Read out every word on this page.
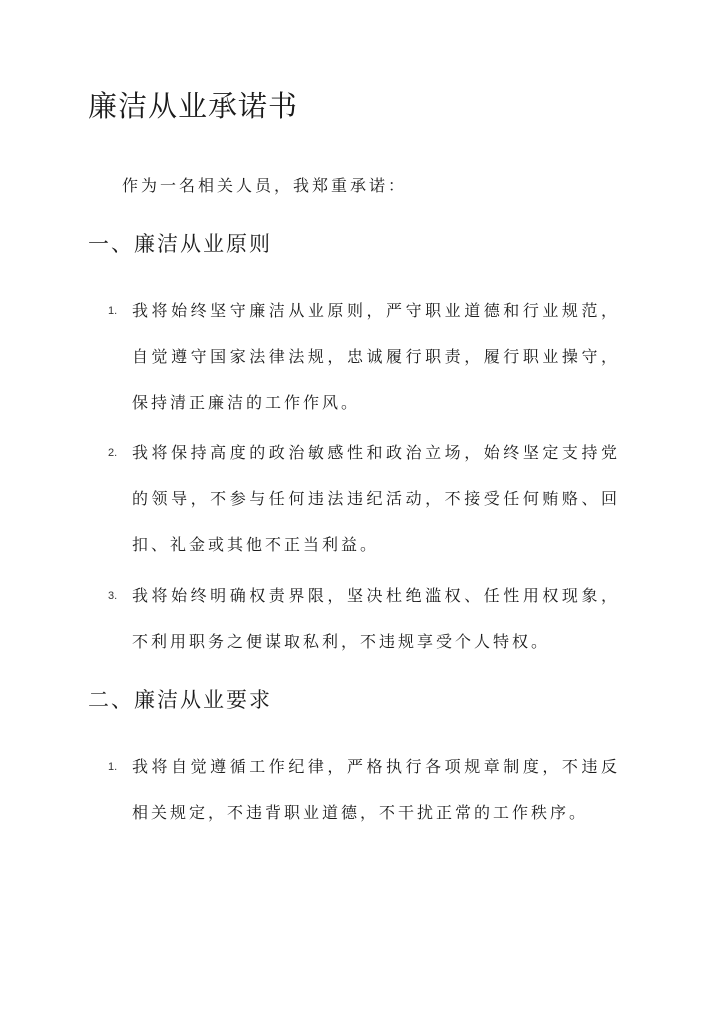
廉洁从业承诺书

作为一名相关人员，我郑重承诺：

一、廉洁从业原则
1. 我将始终坚守廉洁从业原则，严守职业道德和行业规范，自觉遵守国家法律法规，忠诚履行职责，履行职业操守，保持清正廉洁的工作作风。
2. 我将保持高度的政治敏感性和政治立场，始终坚定支持党的领导，不参与任何违法违纪活动，不接受任何贿赂、回扣、礼金或其他不正当利益。
3. 我将始终明确权责界限，坚决杜绝滥权、任性用权现象，不利用职务之便谋取私利，不违规享受个人特权。
二、廉洁从业要求
1. 我将自觉遵循工作纪律，严格执行各项规章制度，不违反相关规定，不违背职业道德，不干扰正常的工作秩序。
